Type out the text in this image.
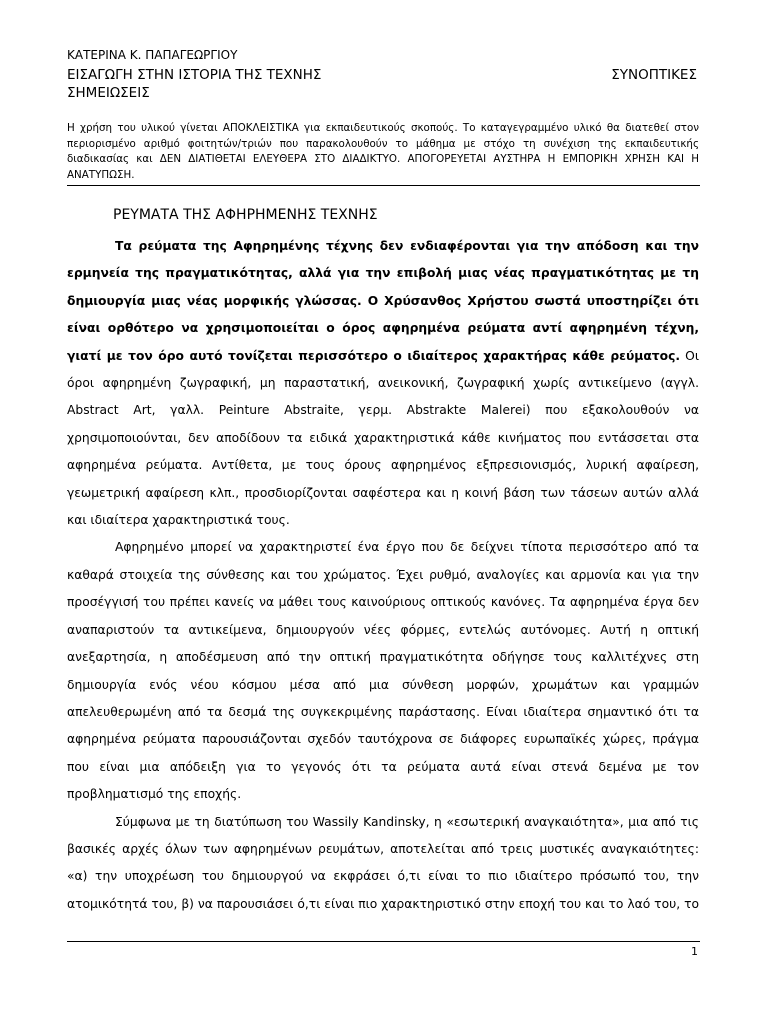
ΚΑΤΕΡΙΝΑ Κ. ΠΑΠΑΓΕΩΡΓΙΟΥ
ΕΙΣΑΓΩΓΗ ΣΤΗΝ ΙΣΤΟΡΙΑ ΤΗΣ ΤΕΧΝΗΣ	ΣΥΝΟΠΤΙΚΕΣ
ΣΗΜΕΙΩΣΕΙΣ
Η χρήση του υλικού γίνεται ΑΠΟΚΛΕΙΣΤΙΚΑ για εκπαιδευτικούς σκοπούς. Το καταγεγραμμένο υλικό θα διατεθεί στον περιορισμένο αριθμό φοιτητών/τριών που παρακολουθούν το μάθημα με στόχο τη συνέχιση της εκπαιδευτικής διαδικασίας και ΔΕΝ ΔΙΑΤΙΘΕΤΑΙ ΕΛΕΥΘΕΡΑ ΣΤΟ ΔΙΑΔΙΚΤΥΟ. ΑΠΟΓΟΡΕΥΕΤΑΙ ΑΥΣΤΗΡΑ Η ΕΜΠΟΡΙΚΗ ΧΡΗΣΗ ΚΑΙ Η ΑΝΑΤΥΠΩΣΗ.
ΡΕΥΜΑΤΑ ΤΗΣ ΑΦΗΡΗΜΕΝΗΣ ΤΕΧΝΗΣ

Τα ρεύματα της Αφηρημένης τέχνης δεν ενδιαφέρονται για την απόδοση και την ερμηνεία της πραγματικότητας, αλλά για την επιβολή μιας νέας πραγματικότητας με τη δημιουργία μιας νέας μορφικής γλώσσας. Ο Χρύσανθος Χρήστου σωστά υποστηρίζει ότι είναι ορθότερο να χρησιμοποιείται ο όρος αφηρημένα ρεύματα αντί αφηρημένη τέχνη, γιατί με τον όρο αυτό τονίζεται περισσότερο ο ιδιαίτερος χαρακτήρας κάθε ρεύματος. Οι όροι αφηρημένη ζωγραφική, μη παραστατική, ανεικονική, ζωγραφική χωρίς αντικείμενο (αγγλ. Abstract Art, γαλλ. Peinture Abstraite, γερμ. Abstrakte Malerei) που εξακολουθούν να χρησιμοποιούνται, δεν αποδίδουν τα ειδικά χαρακτηριστικά κάθε κινήματος που εντάσσεται στα αφηρημένα ρεύματα. Αντίθετα, με τους όρους αφηρημένος εξπρεσιονισμός, λυρική αφαίρεση, γεωμετρική αφαίρεση κλπ., προσδιορίζονται σαφέστερα και η κοινή βάση των τάσεων αυτών αλλά και ιδιαίτερα χαρακτηριστικά τους.

Αφηρημένο μπορεί να χαρακτηριστεί ένα έργο που δε δείχνει τίποτα περισσότερο από τα καθαρά στοιχεία της σύνθεσης και του χρώματος. Έχει ρυθμό, αναλογίες και αρμονία και για την προσέγγισή του πρέπει κανείς να μάθει τους καινούριους οπτικούς κανόνες. Τα αφηρημένα έργα δεν αναπαριστούν τα αντικείμενα, δημιουργούν νέες φόρμες, εντελώς αυτόνομες. Αυτή η οπτική ανεξαρτησία, η αποδέσμευση από την οπτική πραγματικότητα οδήγησε τους καλλιτέχνες στη δημιουργία ενός νέου κόσμου μέσα από μια σύνθεση μορφών, χρωμάτων και γραμμών απελευθερωμένη από τα δεσμά της συγκεκριμένης παράστασης. Είναι ιδιαίτερα σημαντικό ότι τα αφηρημένα ρεύματα παρουσιάζονται σχεδόν ταυτόχρονα σε διάφορες ευρωπαϊκές χώρες, πράγμα που είναι μια απόδειξη για το γεγονός ότι τα ρεύματα αυτά είναι στενά δεμένα με τον προβληματισμό της εποχής.

Σύμφωνα με τη διατύπωση του Wassily Kandinsky, η «εσωτερική αναγκαιότητα», μια από τις βασικές αρχές όλων των αφηρημένων ρευμάτων, αποτελείται από τρεις μυστικές αναγκαιότητες: «α) την υποχρέωση του δημιουργού να εκφράσει ό,τι είναι το πιο ιδιαίτερο πρόσωπό του, την ατομικότητά του, β) να παρουσιάσει ό,τι είναι πιο χαρακτηριστικό στην εποχή του και το λαό του, το

1
